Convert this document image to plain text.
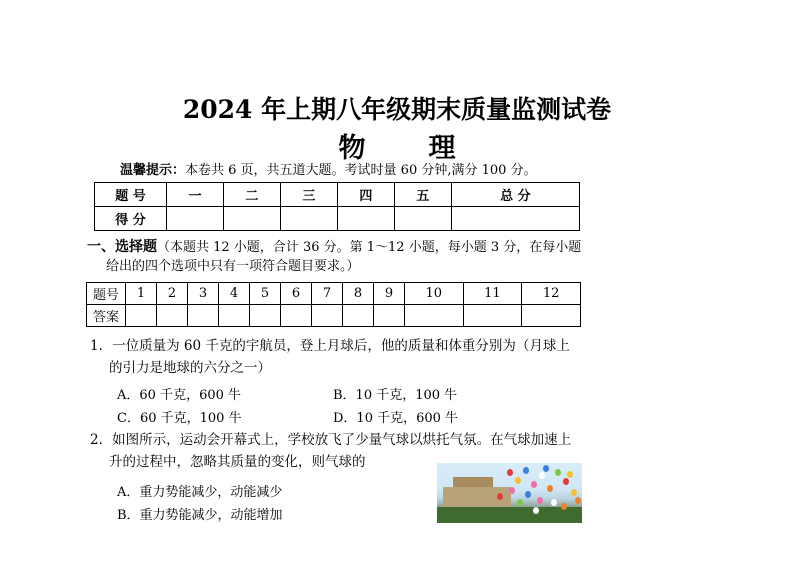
2024 年上期八年级期末质量监测试卷
物 理
温馨提示：本卷共 6 页，共五道大题。考试时量 60 分钟,满分 100 分。
题 号	一	二	三	四	五	总 分
得 分						
一、选择题（本题共 12 小题，合计 36 分。第 1～12 小题，每小题 3 分，在每小题
给出的四个选项中只有一项符合题目要求。）
题号	1	2	3	4	5	6	7	8	9	10	11	12
答案												
1．一位质量为 60 千克的宇航员，登上月球后，他的质量和体重分别为（月球上
的引力是地球的六分之一）
A．60 千克，600 牛	B．10 千克，100 牛
C．60 千克，100 牛	D．10 千克，600 牛
2．如图所示，运动会开幕式上，学校放飞了少量气球以烘托气氛。在气球加速上
升的过程中，忽略其质量的变化，则气球的
A．重力势能减少，动能减少
B．重力势能减少，动能增加
